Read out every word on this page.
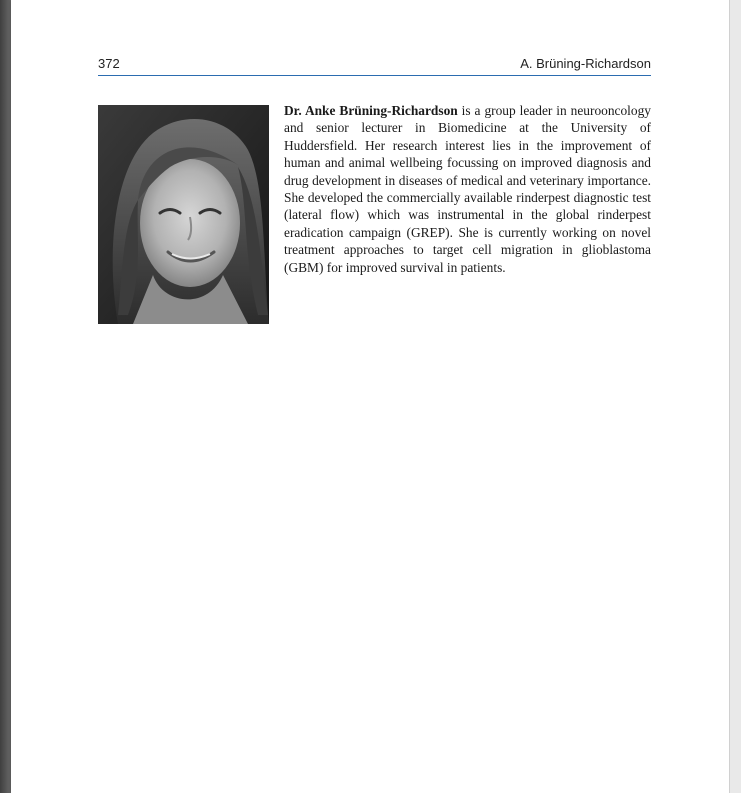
372	A. Brüning-Richardson

Dr. Anke Brüning-Richardson is a group leader in neurooncology and senior lecturer in Biomedicine at the University of Huddersfield. Her research interest lies in the improvement of human and animal wellbeing focussing on improved diagnosis and drug development in diseases of medical and veterinary importance. She developed the commercially available rinderpest diagnostic test (lateral flow) which was instrumental in the global rinderpest eradication campaign (GREP). She is currently working on novel treatment approaches to target cell migration in glioblastoma (GBM) for improved survival in patients.
